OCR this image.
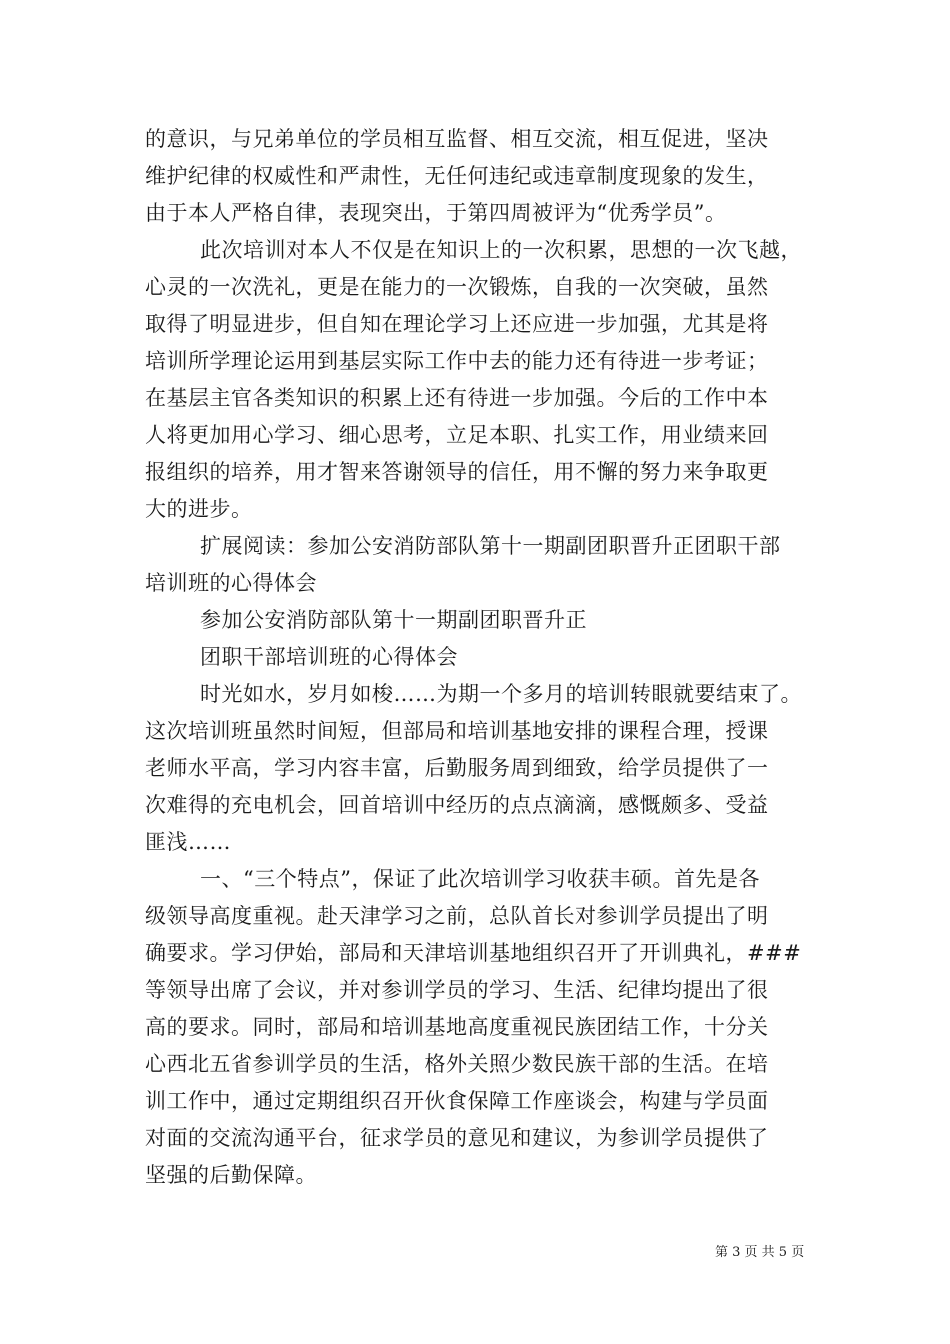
的意识，与兄弟单位的学员相互监督、相互交流，相互促进，坚决
维护纪律的权威性和严肃性，无任何违纪或违章制度现象的发生，
由于本人严格自律，表现突出，于第四周被评为“优秀学员”。
此次培训对本人不仅是在知识上的一次积累，思想的一次飞越，
心灵的一次洗礼，更是在能力的一次锻炼，自我的一次突破，虽然
取得了明显进步，但自知在理论学习上还应进一步加强，尤其是将
培训所学理论运用到基层实际工作中去的能力还有待进一步考证；
在基层主官各类知识的积累上还有待进一步加强。今后的工作中本
人将更加用心学习、细心思考，立足本职、扎实工作，用业绩来回
报组织的培养，用才智来答谢领导的信任，用不懈的努力来争取更
大的进步。
扩展阅读：参加公安消防部队第十一期副团职晋升正团职干部
培训班的心得体会
参加公安消防部队第十一期副团职晋升正
团职干部培训班的心得体会
时光如水，岁月如梭……为期一个多月的培训转眼就要结束了。
这次培训班虽然时间短，但部局和培训基地安排的课程合理，授课
老师水平高，学习内容丰富，后勤服务周到细致，给学员提供了一
次难得的充电机会，回首培训中经历的点点滴滴，感慨颇多、受益
匪浅……
一、“三个特点”，保证了此次培训学习收获丰硕。首先是各
级领导高度重视。赴天津学习之前，总队首长对参训学员提出了明
确要求。学习伊始，部局和天津培训基地组织召开了开训典礼，###
等领导出席了会议，并对参训学员的学习、生活、纪律均提出了很
高的要求。同时，部局和培训基地高度重视民族团结工作，十分关
心西北五省参训学员的生活，格外关照少数民族干部的生活。在培
训工作中，通过定期组织召开伙食保障工作座谈会，构建与学员面
对面的交流沟通平台，征求学员的意见和建议，为参训学员提供了
坚强的后勤保障。
第 3 页 共 5 页
